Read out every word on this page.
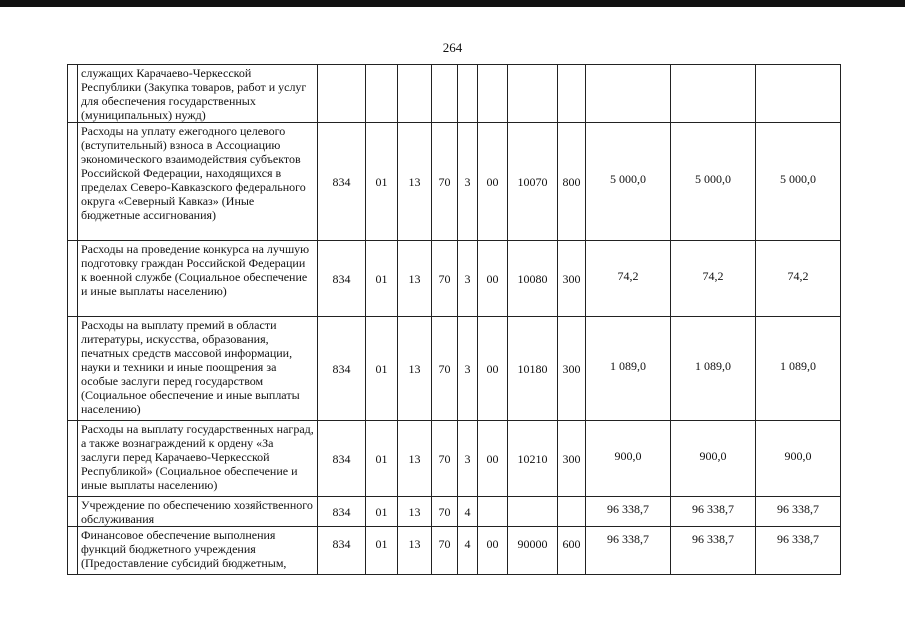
264
	служащих Карачаево-Черкесской Республики (Закупка товаров, работ и услуг для обеспечения государственных (муниципальных) нужд)											
	Расходы на уплату ежегодного целевого (вступительный) взноса в Ассоциацию экономического взаимодействия субъектов Российской Федерации, находящихся в пределах Северо-Кавказского федерального округа «Северный Кавказ» (Иные бюджетные ассигнования)	834	01	13	70	3	00	10070	800	5 000,0	5 000,0	5 000,0
	Расходы на проведение конкурса на лучшую подготовку граждан Российской Федерации к военной службе (Социальное обеспечение и иные выплаты населению)	834	01	13	70	3	00	10080	300	74,2	74,2	74,2
	Расходы на выплату премий в области литературы, искусства, образования, печатных средств массовой информации, науки и техники и иные поощрения за особые заслуги перед государством (Социальное обеспечение и иные выплаты населению)	834	01	13	70	3	00	10180	300	1 089,0	1 089,0	1 089,0
	Расходы на выплату государственных наград, а также вознаграждений к ордену «За заслуги перед Карачаево-Черкесской Республикой» (Социальное обеспечение и иные выплаты населению)	834	01	13	70	3	00	10210	300	900,0	900,0	900,0
	Учреждение по обеспечению хозяйственного обслуживания	834	01	13	70	4				96 338,7	96 338,7	96 338,7
	Финансовое обеспечение выполнения функций бюджетного учреждения (Предоставление субсидий бюджетным,	834	01	13	70	4	00	90000	600	96 338,7	96 338,7	96 338,7
